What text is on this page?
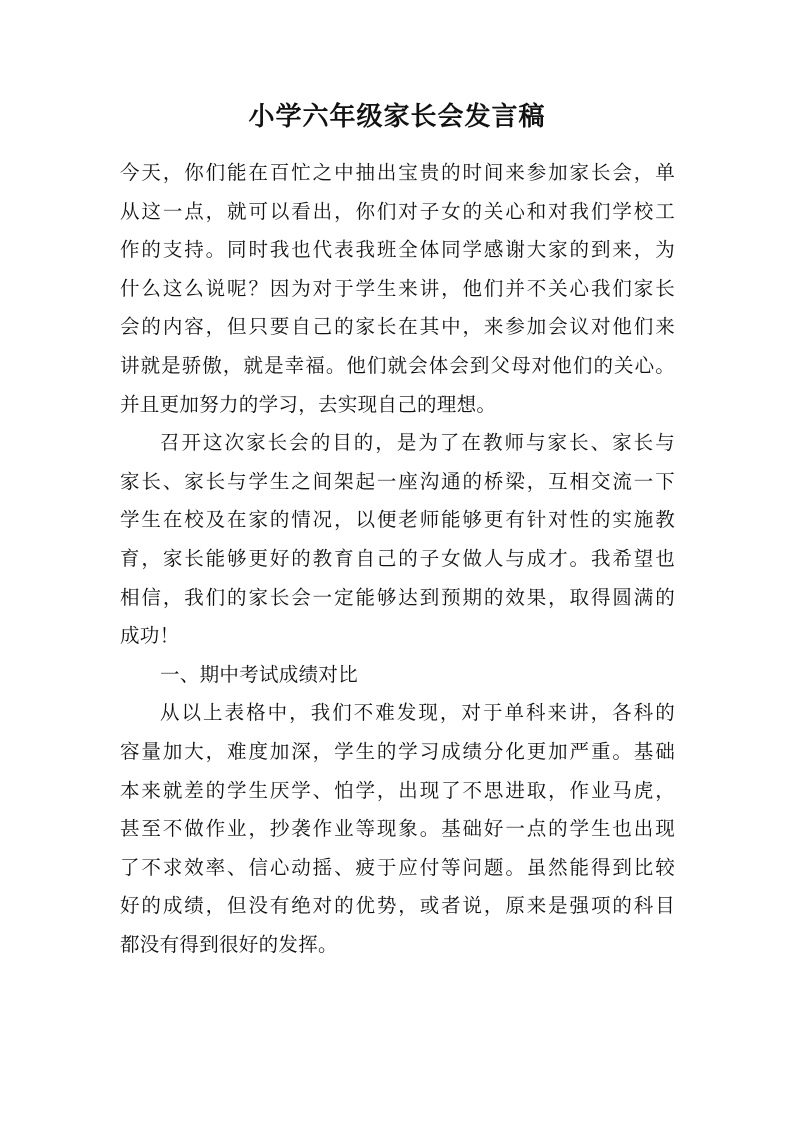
小学六年级家长会发言稿
今天，你们能在百忙之中抽出宝贵的时间来参加家长会，单
从这一点，就可以看出，你们对子女的关心和对我们学校工
作的支持。同时我也代表我班全体同学感谢大家的到来，为
什么这么说呢？因为对于学生来讲，他们并不关心我们家长
会的内容，但只要自己的家长在其中，来参加会议对他们来
讲就是骄傲，就是幸福。他们就会体会到父母对他们的关心。
并且更加努力的学习，去实现自己的理想。
召开这次家长会的目的，是为了在教师与家长、家长与
家长、家长与学生之间架起一座沟通的桥梁，互相交流一下
学生在校及在家的情况，以便老师能够更有针对性的实施教
育，家长能够更好的教育自己的子女做人与成才。我希望也
相信，我们的家长会一定能够达到预期的效果，取得圆满的
成功！
一、期中考试成绩对比
从以上表格中，我们不难发现，对于单科来讲，各科的
容量加大，难度加深，学生的学习成绩分化更加严重。基础
本来就差的学生厌学、怕学，出现了不思进取，作业马虎，
甚至不做作业，抄袭作业等现象。基础好一点的学生也出现
了不求效率、信心动摇、疲于应付等问题。虽然能得到比较
好的成绩，但没有绝对的优势，或者说，原来是强项的科目
都没有得到很好的发挥。
